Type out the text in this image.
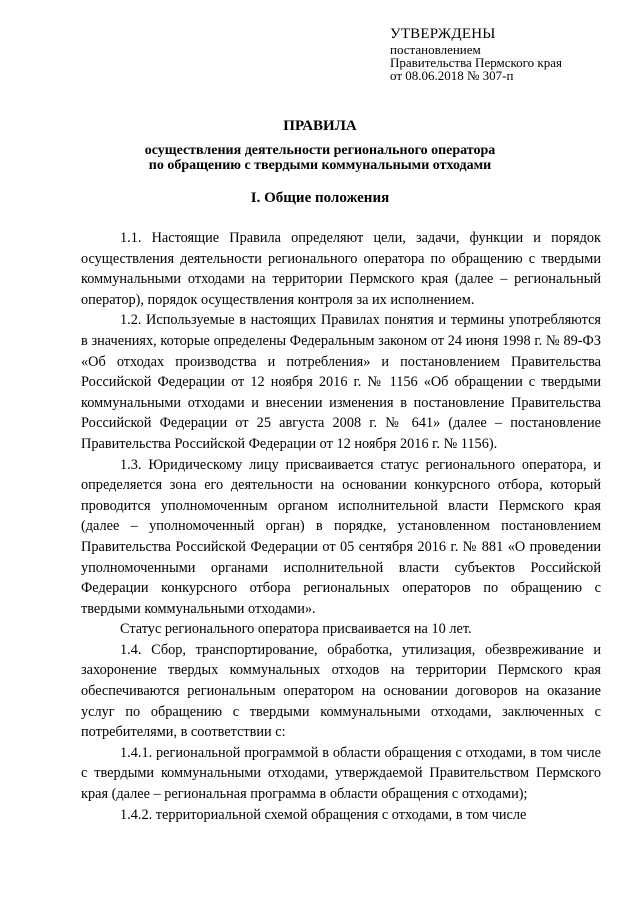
УТВЕРЖДЕНЫ
постановлением
Правительства Пермского края
от 08.06.2018 № 307-п
ПРАВИЛА
осуществления деятельности регионального оператора
по обращению с твердыми коммунальными отходами
I. Общие положения

1.1. Настоящие Правила определяют цели, задачи, функции и порядок осуществления деятельности регионального оператора по обращению с твердыми коммунальными отходами на территории Пермского края (далее – региональный оператор), порядок осуществления контроля за их исполнением.

1.2. Используемые в настоящих Правилах понятия и термины употребляются в значениях, которые определены Федеральным законом от 24 июня 1998 г. № 89-ФЗ «Об отходах производства и потребления» и постановлением Правительства Российской Федерации от 12 ноября 2016 г. № 1156 «Об обращении с твердыми коммунальными отходами и внесении изменения в постановление Правительства Российской Федерации от 25 августа 2008 г. № 641» (далее – постановление Правительства Российской Федерации от 12 ноября 2016 г. № 1156).

1.3. Юридическому лицу присваивается статус регионального оператора, и определяется зона его деятельности на основании конкурсного отбора, который проводится уполномоченным органом исполнительной власти Пермского края (далее – уполномоченный орган) в порядке, установленном постановлением Правительства Российской Федерации от 05 сентября 2016 г. № 881 «О проведении уполномоченными органами исполнительной власти субъектов Российской Федерации конкурсного отбора региональных операторов по обращению с твердыми коммунальными отходами».

Статус регионального оператора присваивается на 10 лет.

1.4. Сбор, транспортирование, обработка, утилизация, обезвреживание и захоронение твердых коммунальных отходов на территории Пермского края обеспечиваются региональным оператором на основании договоров на оказание услуг по обращению с твердыми коммунальными отходами, заключенных с потребителями, в соответствии с:

1.4.1. региональной программой в области обращения с отходами, в том числе с твердыми коммунальными отходами, утверждаемой Правительством Пермского края (далее – региональная программа в области обращения с отходами);

1.4.2. территориальной схемой обращения с отходами, в том числе
